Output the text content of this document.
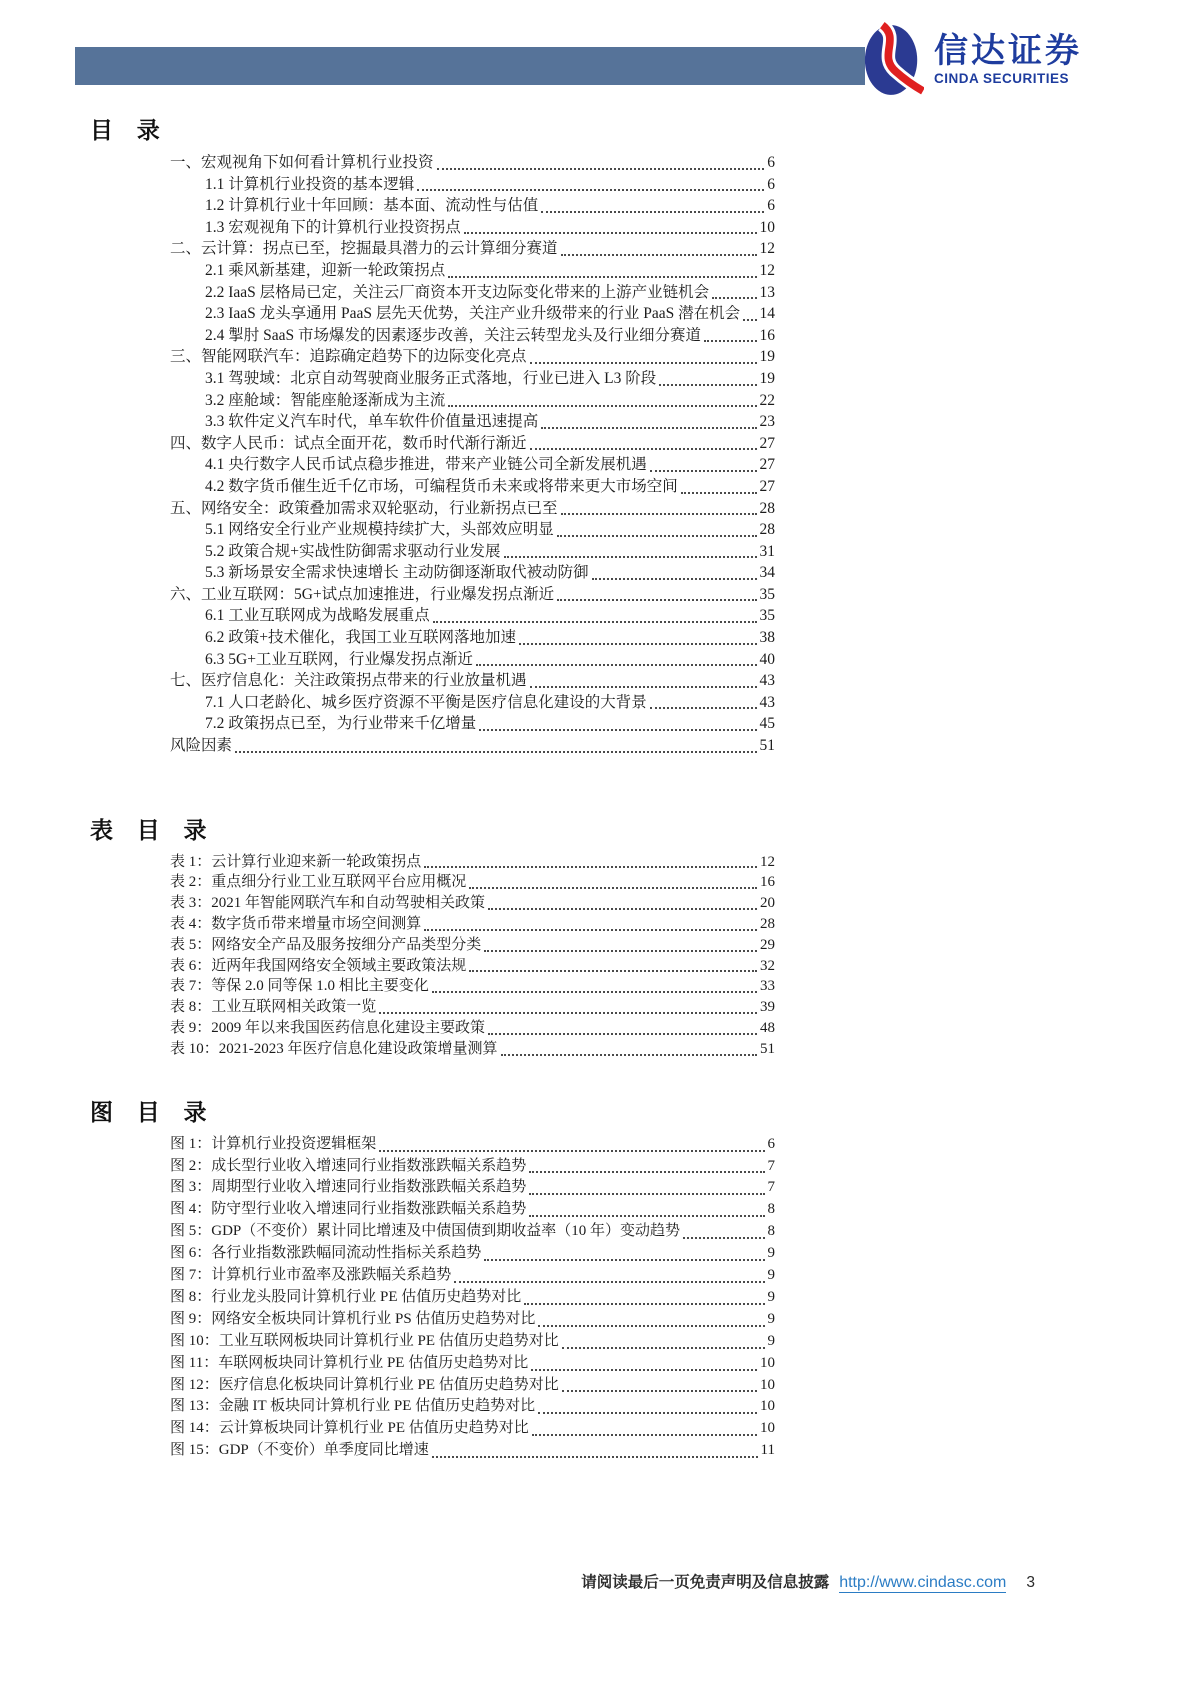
信达证券
CINDA SECURITIES
目 录
一、宏观视角下如何看计算机行业投资	6
1.1 计算机行业投资的基本逻辑	6
1.2 计算机行业十年回顾：基本面、流动性与估值	6
1.3 宏观视角下的计算机行业投资拐点	10
二、云计算：拐点已至，挖掘最具潜力的云计算细分赛道	12
2.1 乘风新基建，迎新一轮政策拐点	12
2.2 IaaS 层格局已定，关注云厂商资本开支边际变化带来的上游产业链机会	13
2.3 IaaS 龙头享通用 PaaS 层先天优势，关注产业升级带来的行业 PaaS 潜在机会 14
2.4 掣肘 SaaS 市场爆发的因素逐步改善，关注云转型龙头及行业细分赛道	16
三、智能网联汽车：追踪确定趋势下的边际变化亮点	19
3.1 驾驶域：北京自动驾驶商业服务正式落地，行业已进入 L3 阶段	19
3.2 座舱域：智能座舱逐渐成为主流	22
3.3 软件定义汽车时代，单车软件价值量迅速提高	23
四、数字人民币：试点全面开花，数币时代渐行渐近	27
4.1 央行数字人民币试点稳步推进，带来产业链公司全新发展机遇	27
4.2 数字货币催生近千亿市场，可编程货币未来或将带来更大市场空间	27
五、网络安全：政策叠加需求双轮驱动，行业新拐点已至	28
5.1 网络安全行业产业规模持续扩大，头部效应明显	28
5.2 政策合规+实战性防御需求驱动行业发展	31
5.3 新场景安全需求快速增长 主动防御逐渐取代被动防御	34
六、工业互联网：5G+试点加速推进，行业爆发拐点渐近	35
6.1 工业互联网成为战略发展重点	35
6.2 政策+技术催化，我国工业互联网落地加速	38
6.3 5G+工业互联网，行业爆发拐点渐近	40
七、医疗信息化：关注政策拐点带来的行业放量机遇	43
7.1 人口老龄化、城乡医疗资源不平衡是医疗信息化建设的大背景	43
7.2 政策拐点已至，为行业带来千亿增量	45
风险因素	51
表 目 录
表 1：云计算行业迎来新一轮政策拐点	12
表 2：重点细分行业工业互联网平台应用概况	16
表 3：2021 年智能网联汽车和自动驾驶相关政策	20
表 4：数字货币带来增量市场空间测算	28
表 5：网络安全产品及服务按细分产品类型分类	29
表 6：近两年我国网络安全领域主要政策法规	32
表 7：等保 2.0 同等保 1.0 相比主要变化	33
表 8：工业互联网相关政策一览	39
表 9：2009 年以来我国医药信息化建设主要政策	48
表 10：2021-2023 年医疗信息化建设政策增量测算	51
图 目 录
图 1：计算机行业投资逻辑框架	6
图 2：成长型行业收入增速同行业指数涨跌幅关系趋势	7
图 3：周期型行业收入增速同行业指数涨跌幅关系趋势	7
图 4：防守型行业收入增速同行业指数涨跌幅关系趋势	8
图 5：GDP（不变价）累计同比增速及中债国债到期收益率（10 年）变动趋势	8
图 6：各行业指数涨跌幅同流动性指标关系趋势	9
图 7：计算机行业市盈率及涨跌幅关系趋势	9
图 8：行业龙头股同计算机行业 PE 估值历史趋势对比	9
图 9：网络安全板块同计算机行业 PS 估值历史趋势对比	9
图 10：工业互联网板块同计算机行业 PE 估值历史趋势对比	9
图 11：车联网板块同计算机行业 PE 估值历史趋势对比	10
图 12：医疗信息化板块同计算机行业 PE 估值历史趋势对比	10
图 13：金融 IT 板块同计算机行业 PE 估值历史趋势对比	10
图 14：云计算板块同计算机行业 PE 估值历史趋势对比	10
图 15：GDP（不变价）单季度同比增速	11
请阅读最后一页免责声明及信息披露 http://www.cindasc.com 3
